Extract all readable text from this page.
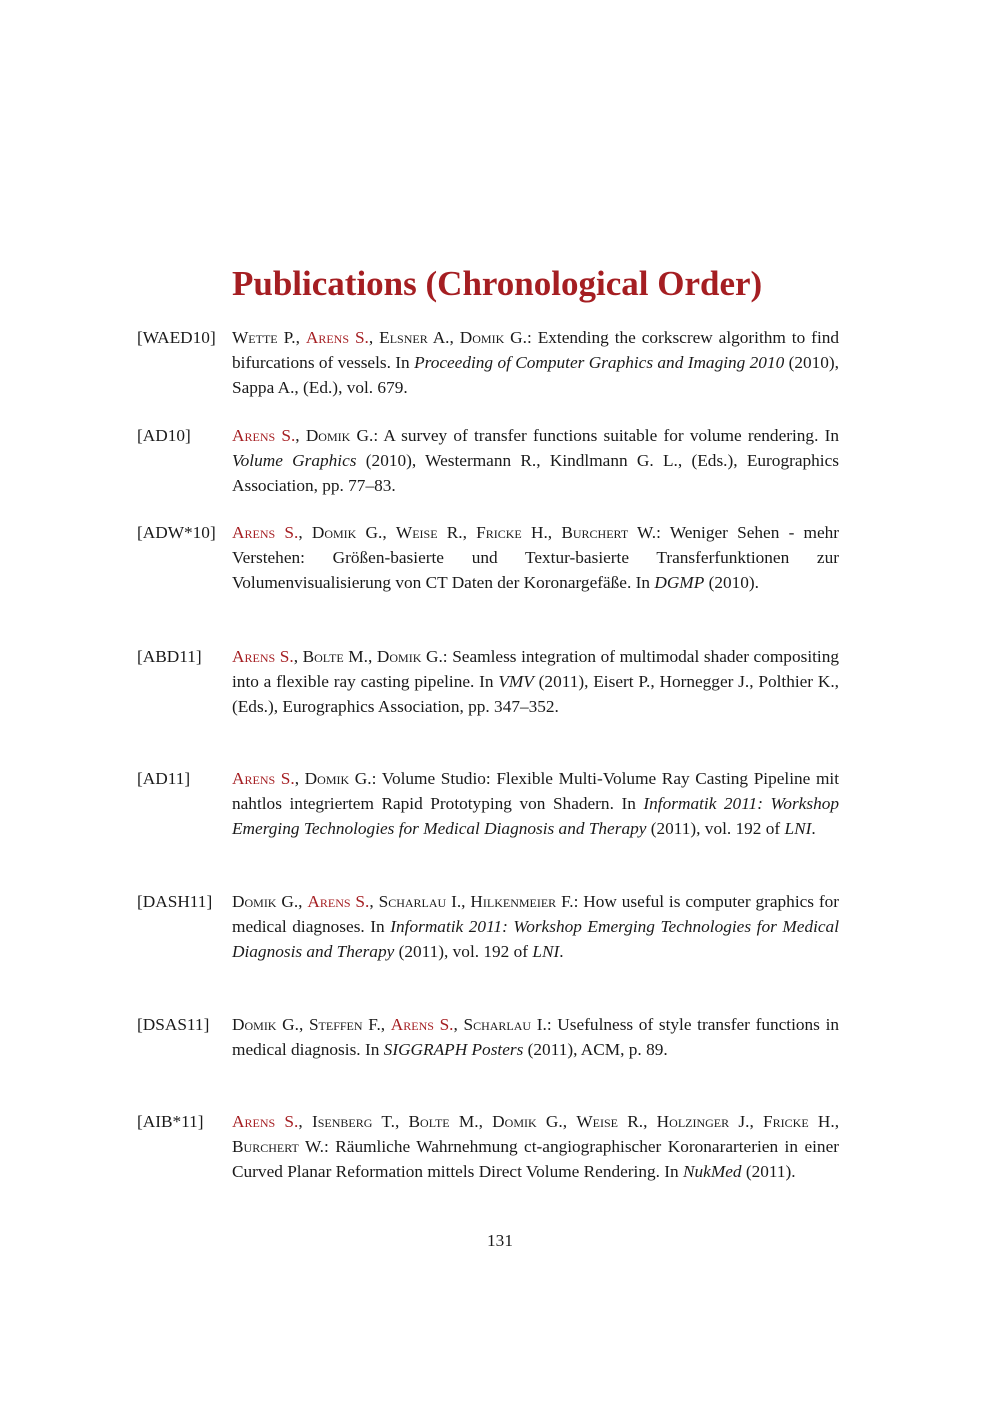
Publications (Chronological Order)
[WAED10] Wette P., Arens S., Elsner A., Domik G.: Extending the corkscrew algorithm to find bifurcations of vessels. In Proceeding of Computer Graphics and Imaging 2010 (2010), Sappa A., (Ed.), vol. 679.
[AD10] Arens S., Domik G.: A survey of transfer functions suitable for volume rendering. In Volume Graphics (2010), Westermann R., Kindlmann G. L., (Eds.), Eurographics Association, pp. 77–83.
[ADW*10] Arens S., Domik G., Weise R., Fricke H., Burchert W.: Weniger Sehen - mehr Verstehen: Größen-basierte und Textur-basierte Transferfunktionen zur Volumenvisualisierung von CT Daten der Koronargefäße. In DGMP (2010).
[ABD11] Arens S., Bolte M., Domik G.: Seamless integration of multimodal shader compositing into a flexible ray casting pipeline. In VMV (2011), Eisert P., Hornegger J., Polthier K., (Eds.), Eurographics Association, pp. 347–352.
[AD11] Arens S., Domik G.: Volume Studio: Flexible Multi-Volume Ray Casting Pipeline mit nahtlos integriertem Rapid Prototyping von Shadern. In Informatik 2011: Workshop Emerging Technologies for Medical Diagnosis and Therapy (2011), vol. 192 of LNI.
[DASH11] Domik G., Arens S., Scharlau I., Hilkenmeier F.: How useful is computer graphics for medical diagnoses. In Informatik 2011: Workshop Emerging Technologies for Medical Diagnosis and Therapy (2011), vol. 192 of LNI.
[DSAS11] Domik G., Steffen F., Arens S., Scharlau I.: Usefulness of style transfer functions in medical diagnosis. In SIGGRAPH Posters (2011), ACM, p. 89.
[AIB*11] Arens S., Isenberg T., Bolte M., Domik G., Weise R., Holzinger J., Fricke H., Burchert W.: Räumliche Wahrnehmung ct-angiographischer Koronararterien in einer Curved Planar Reformation mittels Direct Volume Rendering. In NukMed (2011).
131
